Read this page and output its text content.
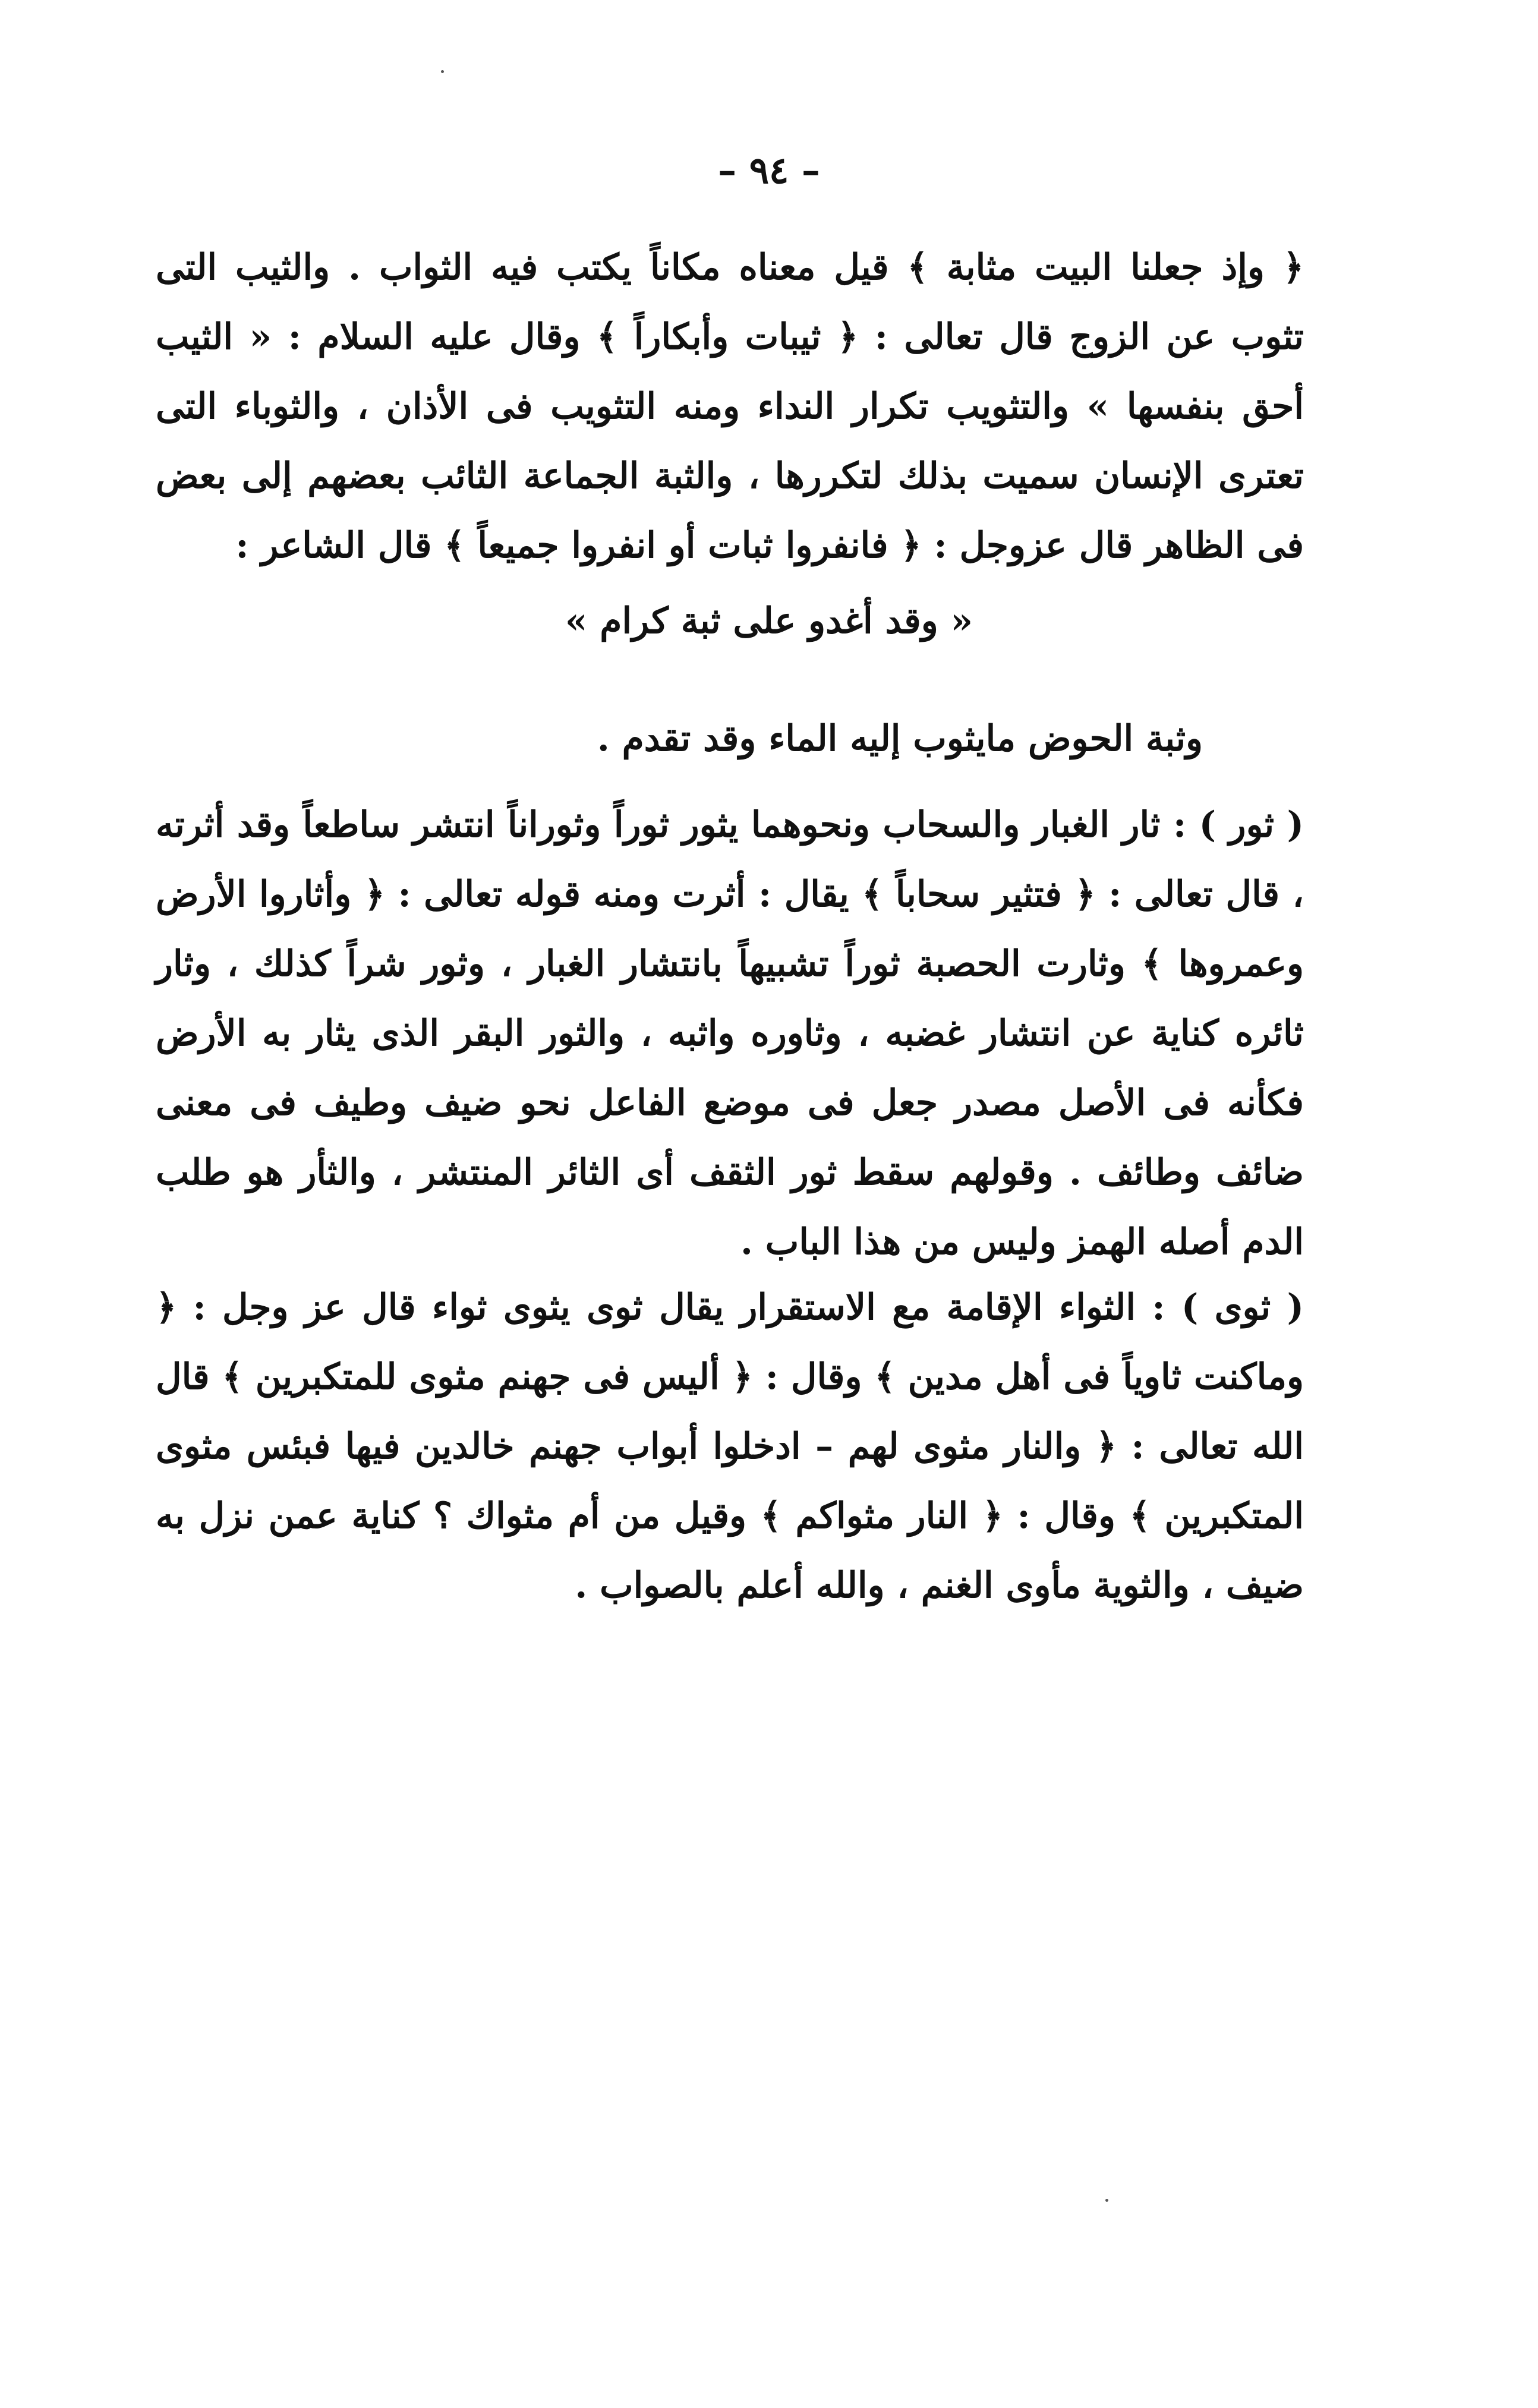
– ٩٤ –

﴿ وإذ جعلنا البيت مثابة ﴾ قيل معناه مكاناً يكتب فيه الثواب . والثيب التى تثوب عن الزوج قال تعالى : ﴿ ثيبات وأبكاراً ﴾ وقال عليه السلام : « الثيب أحق بنفسها » والتثويب تكرار النداء ومنه التثويب فى الأذان ، والثوباء التى تعترى الإنسان سميت بذلك لتكررها ، والثبة الجماعة الثائب بعضهم إلى بعض فى الظاهر قال عزوجل : ﴿ فانفروا ثبات أو انفروا جميعاً ﴾ قال الشاعر :

« وقد أغدو على ثبة كرام »
وثبة الحوض مايثوب إليه الماء وقد تقدم .

( ثور ) : ثار الغبار والسحاب ونحوهما يثور ثوراً وثوراناً انتشر ساطعاً وقد أثرته ، قال تعالى : ﴿ فتثير سحاباً ﴾ يقال : أثرت ومنه قوله تعالى : ﴿ وأثاروا الأرض وعمروها ﴾ وثارت الحصبة ثوراً تشبيهاً بانتشار الغبار ، وثور شراً كذلك ، وثار ثائره كناية عن انتشار غضبه ، وثاوره واثبه ، والثور البقر الذى يثار به الأرض فكأنه فى الأصل مصدر جعل فى موضع الفاعل نحو ضيف وطيف فى معنى ضائف وطائف . وقولهم سقط ثور الثقف أى الثائر المنتشر ، والثأر هو طلب الدم أصله الهمز وليس من هذا الباب .

( ثوى ) : الثواء الإقامة مع الاستقرار يقال ثوى يثوى ثواء قال عز وجل : ﴿ وماكنت ثاوياً فى أهل مدين ﴾ وقال : ﴿ أليس فى جهنم مثوى للمتكبرين ﴾ قال الله تعالى : ﴿ والنار مثوى لهم – ادخلوا أبواب جهنم خالدين فيها فبئس مثوى المتكبرين ﴾ وقال : ﴿ النار مثواكم ﴾ وقيل من أم مثواك ؟ كناية عمن نزل به ضيف ، والثوية مأوى الغنم ، والله أعلم بالصواب .
